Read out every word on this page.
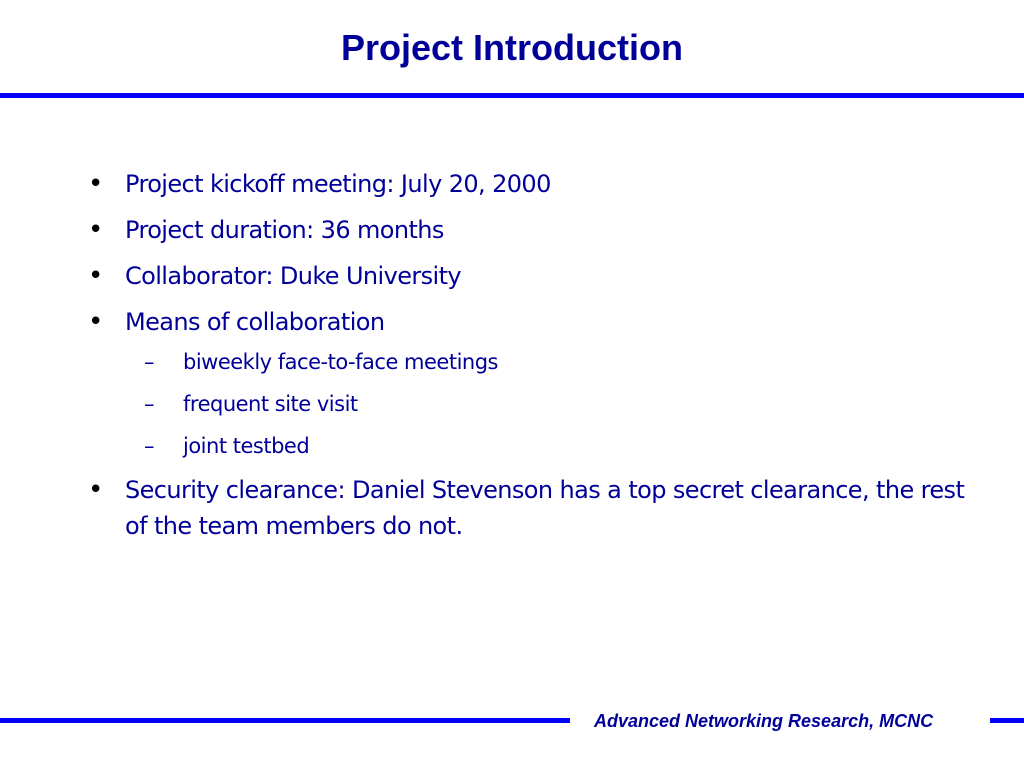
Project Introduction
• Project kickoff meeting: July 20, 2000
• Project duration: 36 months
• Collaborator: Duke University
• Means of collaboration
– biweekly face-to-face meetings
– frequent site visit
– joint testbed
• Security clearance: Daniel Stevenson has a top secret clearance, the rest of the team members do not.
Advanced Networking Research, MCNC
